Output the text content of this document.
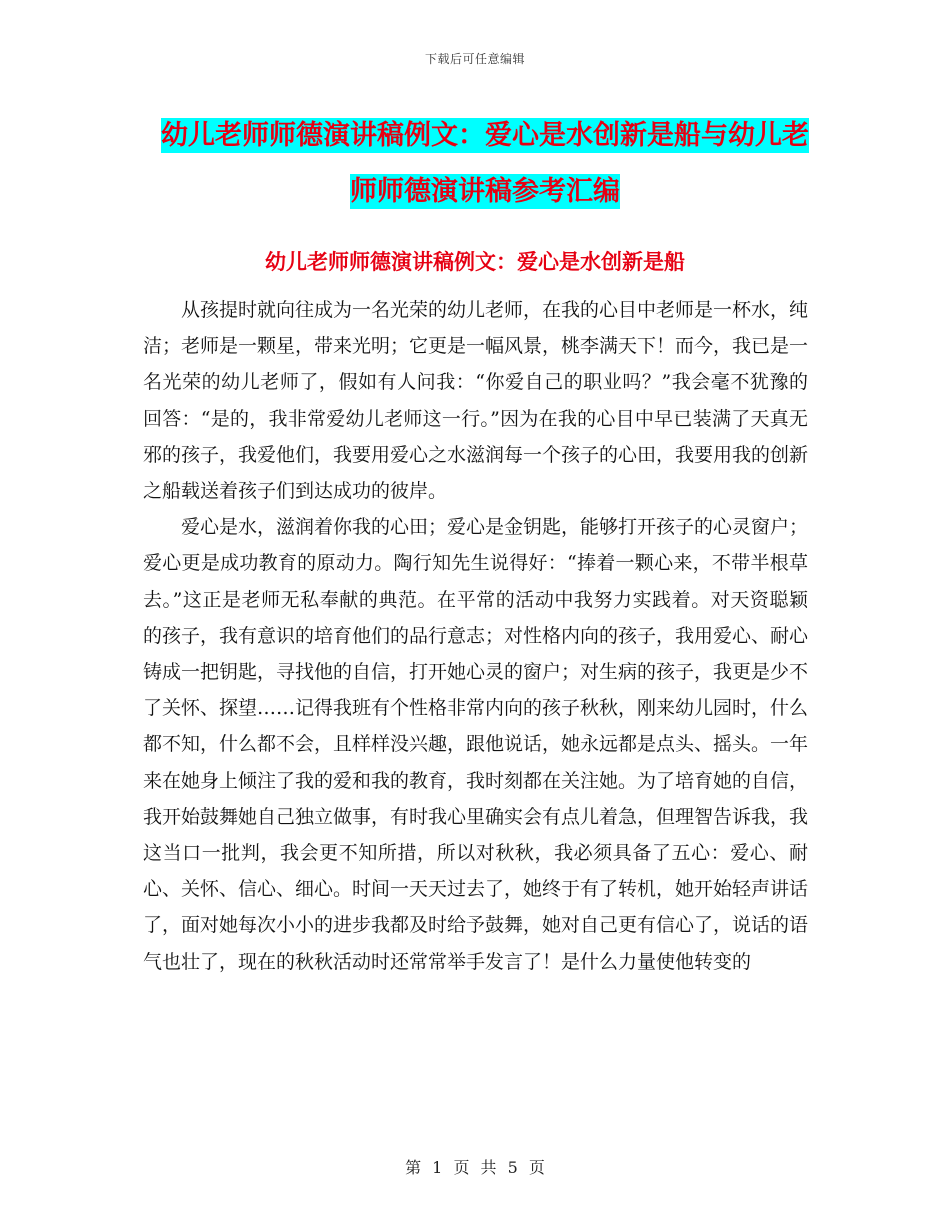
下载后可任意编辑
幼儿老师师德演讲稿例文：爱心是水创新是船与幼儿老师师德演讲稿参考汇编
幼儿老师师德演讲稿例文：爱心是水创新是船

从孩提时就向往成为一名光荣的幼儿老师，在我的心目中老师是一杯水，纯洁；老师是一颗星，带来光明；它更是一幅风景，桃李满天下！而今，我已是一名光荣的幼儿老师了，假如有人问我：“你爱自己的职业吗？”我会毫不犹豫的回答：“是的，我非常爱幼儿老师这一行。”因为在我的心目中早已装满了天真无邪的孩子，我爱他们，我要用爱心之水滋润每一个孩子的心田，我要用我的创新之船载送着孩子们到达成功的彼岸。

爱心是水，滋润着你我的心田；爱心是金钥匙，能够打开孩子的心灵窗户；爱心更是成功教育的原动力。陶行知先生说得好：“捧着一颗心来，不带半根草去。”这正是老师无私奉献的典范。在平常的活动中我努力实践着。对天资聪颖的孩子，我有意识的培育他们的品行意志；对性格内向的孩子，我用爱心、耐心铸成一把钥匙，寻找他的自信，打开她心灵的窗户；对生病的孩子，我更是少不了关怀、探望……记得我班有个性格非常内向的孩子秋秋，刚来幼儿园时，什么都不知，什么都不会，且样样没兴趣，跟他说话，她永远都是点头、摇头。一年来在她身上倾注了我的爱和我的教育，我时刻都在关注她。为了培育她的自信，我开始鼓舞她自己独立做事，有时我心里确实会有点儿着急，但理智告诉我，我这当口一批判，我会更不知所措，所以对秋秋，我必须具备了五心：爱心、耐心、关怀、信心、细心。时间一天天过去了，她终于有了转机，她开始轻声讲话了，面对她每次小小的进步我都及时给予鼓舞，她对自己更有信心了，说话的语气也壮了，现在的秋秋活动时还常常举手发言了！是什么力量使他转变的

第 1 页 共 5 页
